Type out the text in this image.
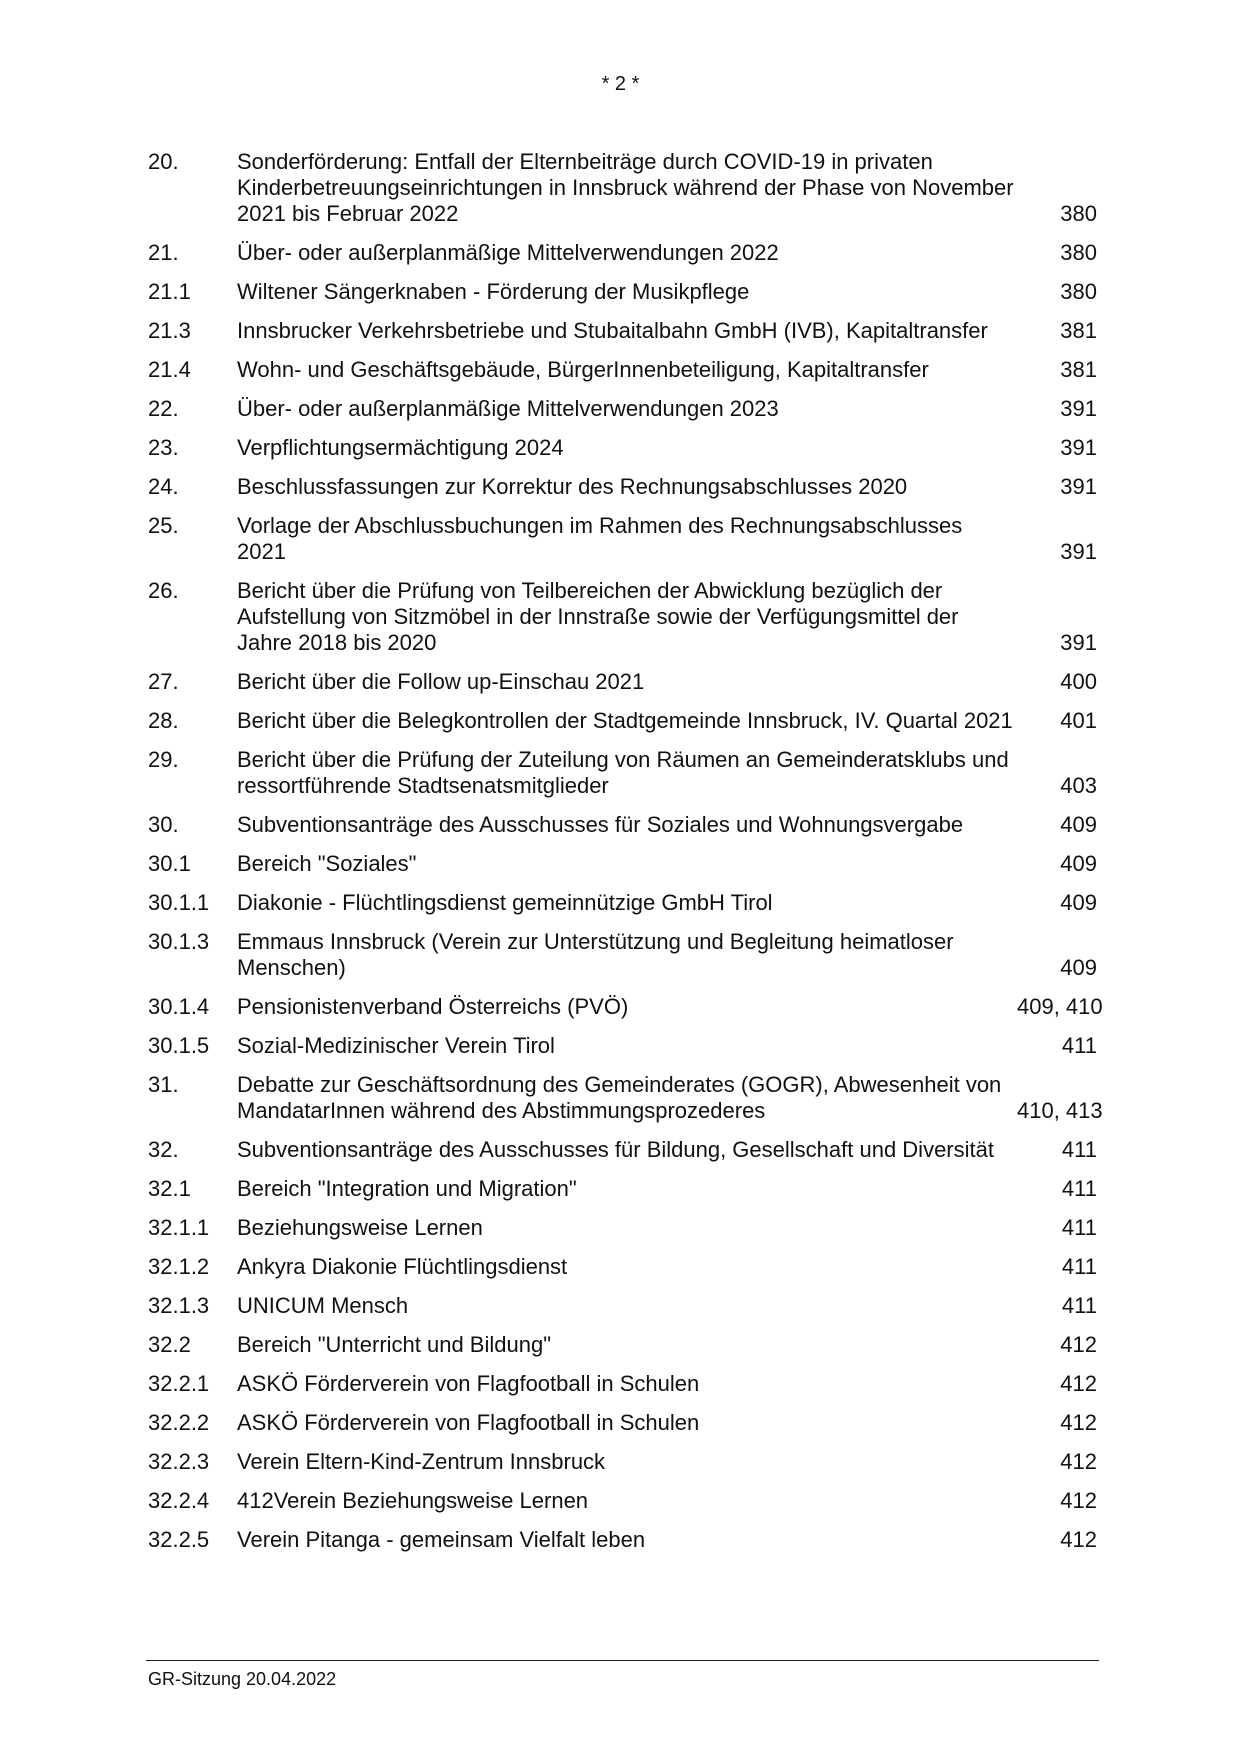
* 2 *
20.	Sonderförderung: Entfall der Elternbeiträge durch COVID-19 in privaten Kinderbetreuungseinrichtungen in Innsbruck während der Phase von November 2021 bis Februar 2022	380
21.	Über- oder außerplanmäßige Mittelverwendungen 2022	380
21.1	Wiltener Sängerknaben - Förderung der Musikpflege	380
21.3	Innsbrucker Verkehrsbetriebe und Stubaitalbahn GmbH (IVB), Kapitaltransfer	381
21.4	Wohn- und Geschäftsgebäude, BürgerInnenbeteiligung, Kapitaltransfer	381
22.	Über- oder außerplanmäßige Mittelverwendungen 2023	391
23.	Verpflichtungsermächtigung 2024	391
24.	Beschlussfassungen zur Korrektur des Rechnungsabschlusses 2020	391
25.	Vorlage der Abschlussbuchungen im Rahmen des Rechnungsabschlusses 2021	391
26.	Bericht über die Prüfung von Teilbereichen der Abwicklung bezüglich der Aufstellung von Sitzmöbel in der Innstraße sowie der Verfügungsmittel der Jahre 2018 bis 2020	391
27.	Bericht über die Follow up-Einschau 2021	400
28.	Bericht über die Belegkontrollen der Stadtgemeinde Innsbruck, IV. Quartal 2021	401
29.	Bericht über die Prüfung der Zuteilung von Räumen an Gemeinderatsklubs und ressortführende Stadtsenatsmitglieder	403
30.	Subventionsanträge des Ausschusses für Soziales und Wohnungsvergabe	409
30.1	Bereich "Soziales"	409
30.1.1	Diakonie - Flüchtlingsdienst gemeinnützige GmbH Tirol	409
30.1.3	Emmaus Innsbruck (Verein zur Unterstützung und Begleitung heimatloser Menschen)	409
30.1.4	Pensionistenverband Österreichs (PVÖ)	409, 410
30.1.5	Sozial-Medizinischer Verein Tirol	411
31.	Debatte zur Geschäftsordnung des Gemeinderates (GOGR), Abwesenheit von MandatarInnen während des Abstimmungsprozederes	410, 413
32.	Subventionsanträge des Ausschusses für Bildung, Gesellschaft und Diversität	411
32.1	Bereich "Integration und Migration"	411
32.1.1	Beziehungsweise Lernen	411
32.1.2	Ankyra Diakonie Flüchtlingsdienst	411
32.1.3	UNICUM Mensch	411
32.2	Bereich "Unterricht und Bildung"	412
32.2.1	ASKÖ Förderverein von Flagfootball in Schulen	412
32.2.2	ASKÖ Förderverein von Flagfootball in Schulen	412
32.2.3	Verein Eltern-Kind-Zentrum Innsbruck	412
32.2.4	412Verein Beziehungsweise Lernen	412
32.2.5	Verein Pitanga - gemeinsam Vielfalt leben	412
GR-Sitzung 20.04.2022
